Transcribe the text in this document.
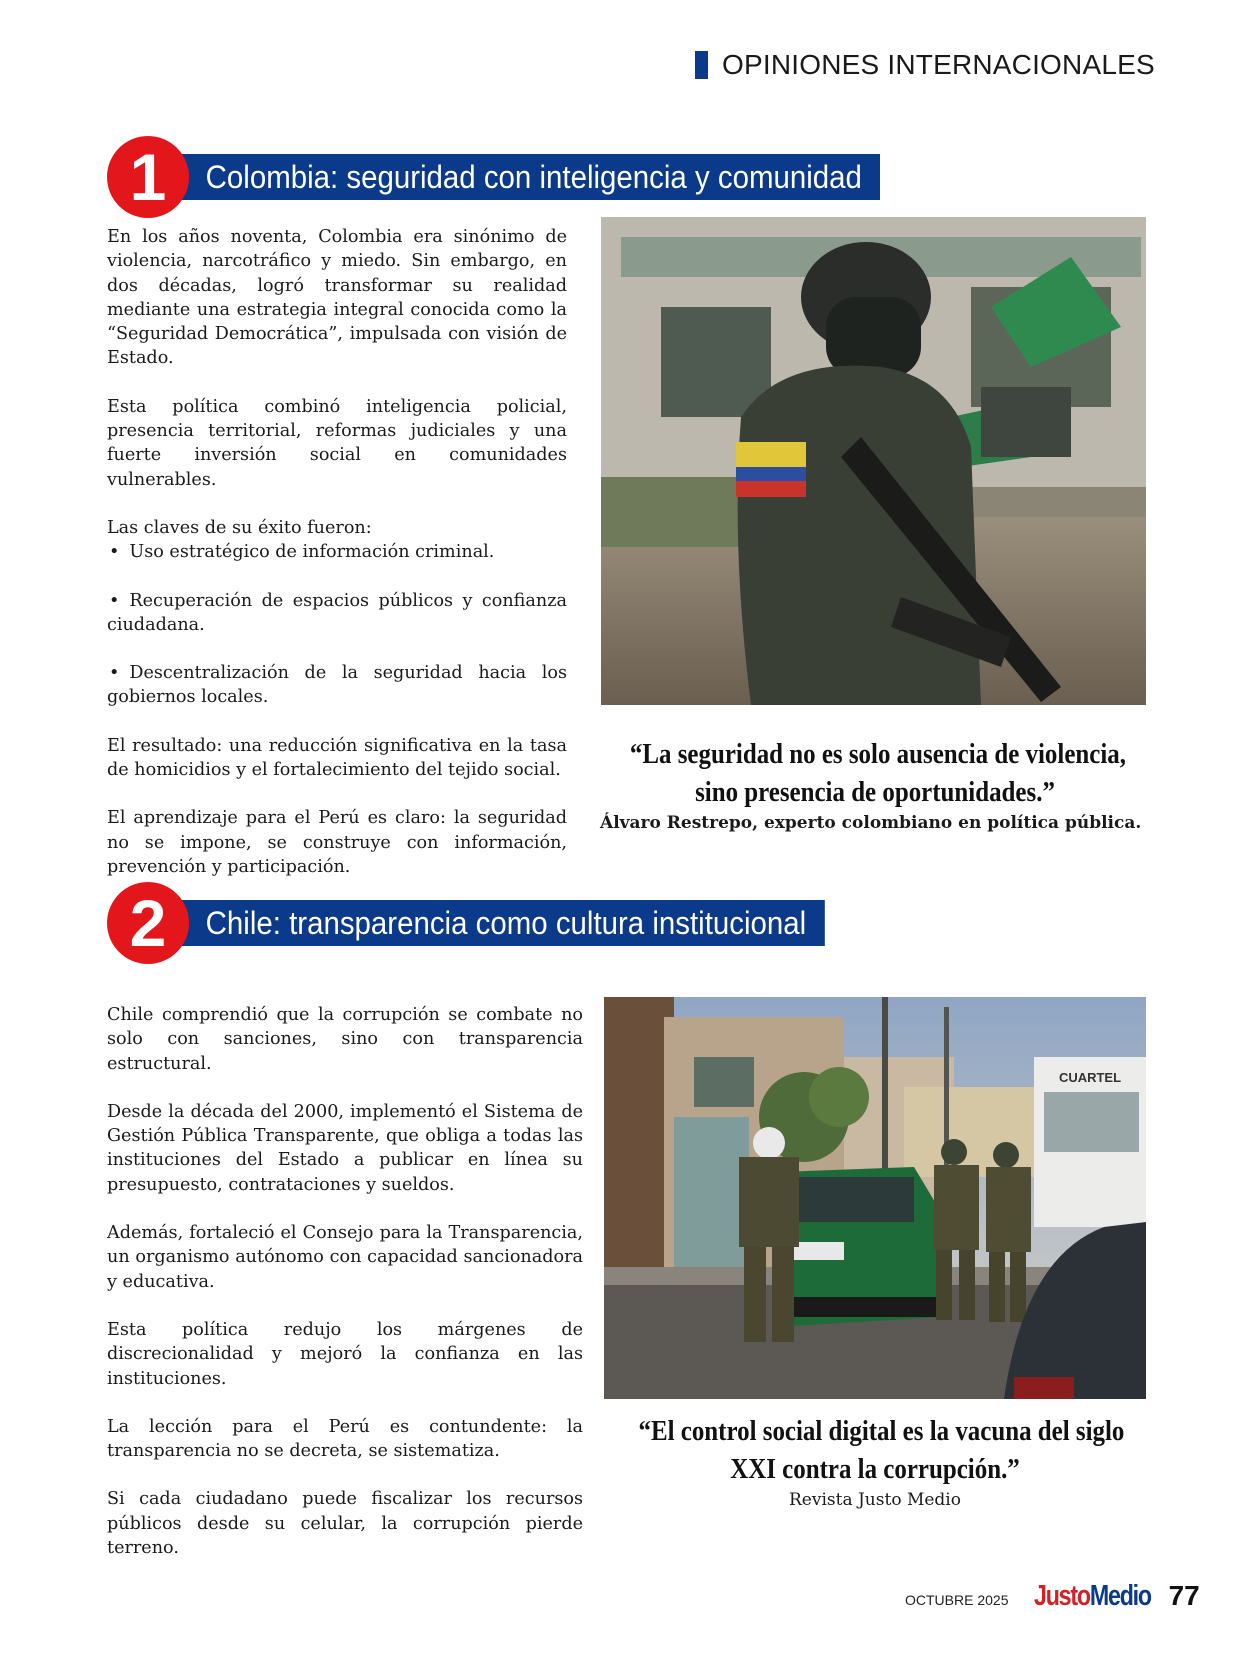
OPINIONES INTERNACIONALES
1	Colombia: seguridad con inteligencia y comunidad

En los años noventa, Colombia era sinónimo de violencia, narcotráfico y miedo. Sin embargo, en dos décadas, logró transformar su realidad mediante una estrategia integral conocida como la “Seguridad Democrática”, impulsada con visión de Estado.

Esta política combinó inteligencia policial, presencia territorial, reformas judiciales y una fuerte inversión social en comunidades vulnerables.

Las claves de su éxito fueron:

• Uso estratégico de información criminal.
• Recuperación de espacios públicos y confianza ciudadana.
• Descentralización de la seguridad hacia los gobiernos locales.

El resultado: una reducción significativa en la tasa de homicidios y el fortalecimiento del tejido social.

El aprendizaje para el Perú es claro: la seguridad no se impone, se construye con información, prevención y participación.

“La seguridad no es solo ausencia de violencia,
sino presencia de oportunidades.”
Álvaro Restrepo, experto colombiano en política pública.
2	Chile: transparencia como cultura institucional

Chile comprendió que la corrupción se combate no solo con sanciones, sino con transparencia estructural.

Desde la década del 2000, implementó el Sistema de Gestión Pública Transparente, que obliga a todas las instituciones del Estado a publicar en línea su presupuesto, contrataciones y sueldos.

Además, fortaleció el Consejo para la Transparencia, un organismo autónomo con capacidad sancionadora y educativa.

Esta política redujo los márgenes de discrecionalidad y mejoró la confianza en las instituciones.

La lección para el Perú es contundente: la transparencia no se decreta, se sistematiza.

Si cada ciudadano puede fiscalizar los recursos públicos desde su celular, la corrupción pierde terreno.

CUARTEL
“El control social digital es la vacuna del siglo
XXI contra la corrupción.”
Revista Justo Medio
OCTUBRE 2025 JustoMedio 77
